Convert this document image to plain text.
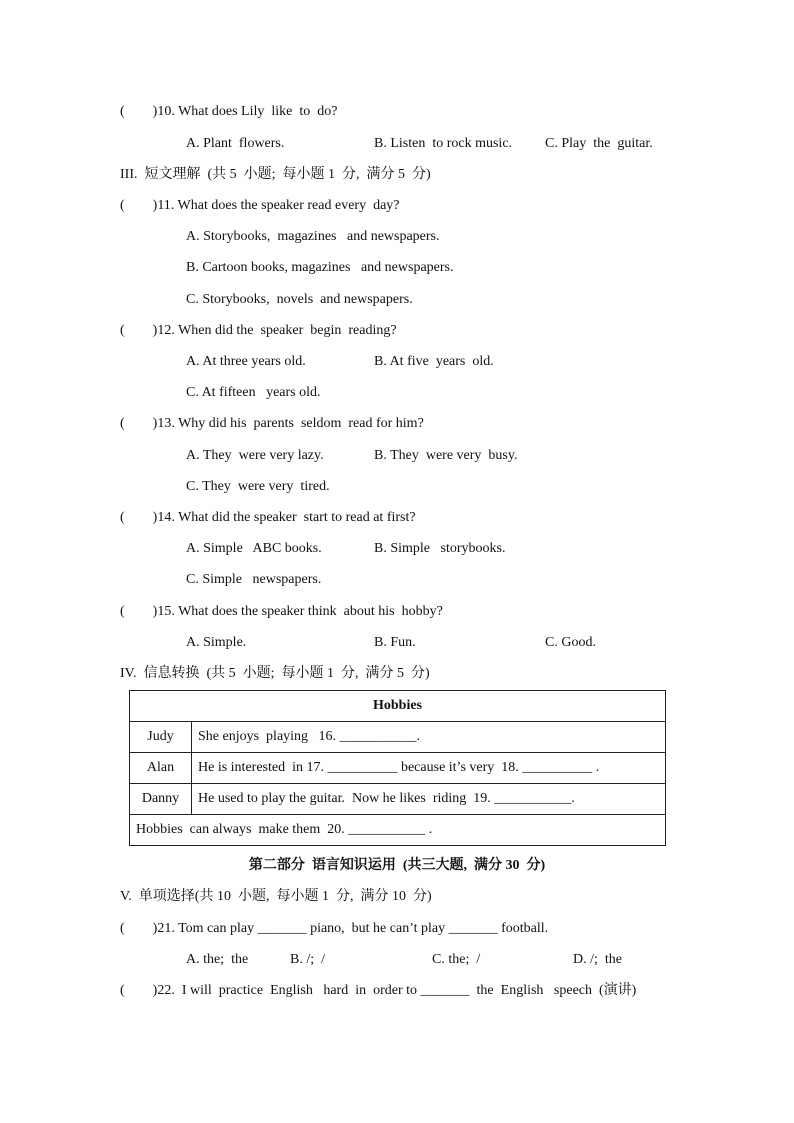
(        )10. What does Lily  like  to  do?
A. Plant  flowers.	B. Listen  to rock music. C. Play  the  guitar.
III.  短文理解  (共 5  小题;  每小题 1  分,  满分 5  分)
(        )11. What does the speaker read every  day?
A. Storybooks,  magazines   and newspapers.
B. Cartoon books, magazines   and newspapers.
C. Storybooks,  novels  and newspapers.
(        )12. When did the  speaker  begin  reading?
A. At three years old.	B. At five  years  old.
C. At fifteen   years old.
(        )13. Why did his  parents  seldom  read for him?
A. They  were very lazy.	B. They  were very  busy.
C. They  were very  tired.
(        )14. What did the speaker  start to read at first?
A. Simple   ABC books.	B. Simple   storybooks.
C. Simple   newspapers.
(        )15. What does the speaker think  about his  hobby?
A. Simple.	B. Fun.	C. Good.
IV.  信息转换  (共 5  小题;  每小题 1  分,  满分 5  分)
Hobbies	
Judy	She enjoys  playing   16. ___________.
Alan	He is interested  in 17. __________ because it’s very  18. __________ .
Danny	He used to play the guitar.  Now he likes  riding  19. ___________.
Hobbies  can always  make them  20. ___________ .	
第二部分  语言知识运用  (共三大题,  满分 30  分)
V.  单项选择(共 10  小题,  每小题 1  分,  满分 10  分)
(        )21. Tom can play _______ piano,  but he can’t play _______ football.
A. the;  the	B. /;  /	C. the;  /	D. /;  the
(        )22.  I will  practice  English   hard  in  order to _______  the  English   speech  (演讲)
